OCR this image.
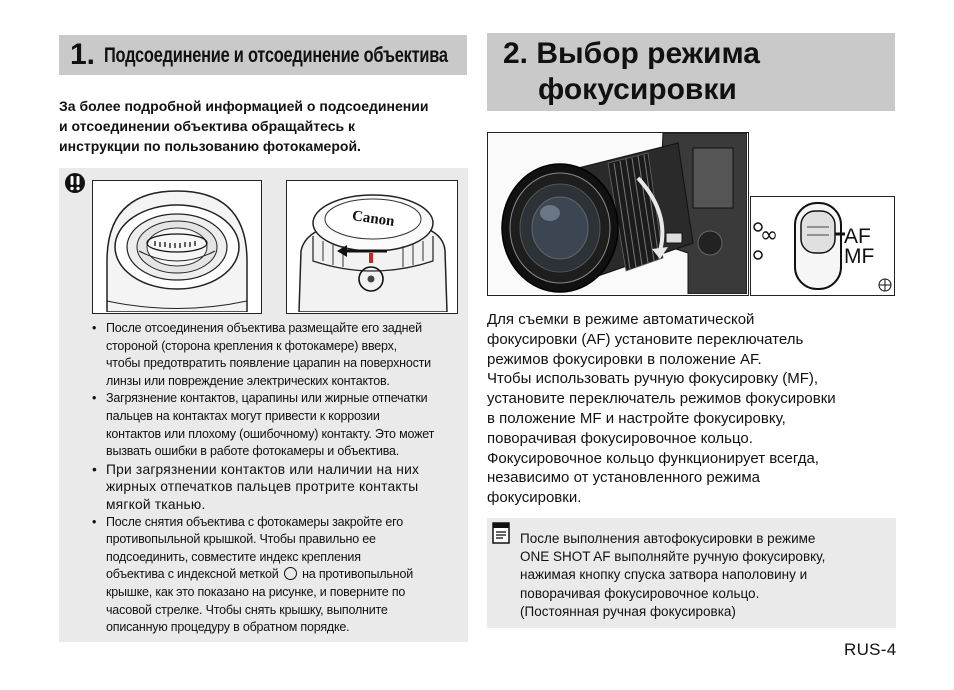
1. Подсоединение и отсоединение объектива
За более подробной информацией о подсоединении
и отсоединении объектива обращайтесь к
инструкции по пользованию фотокамерой.
Canon
• После отсоединения объектива размещайте его задней
стороной (сторона крепления к фотокамере) вверх,
чтобы предотвратить появление царапин на поверхности
линзы или повреждение электрических контактов.
• Загрязнение контактов, царапины или жирные отпечатки
пальцев на контактах могут привести к коррозии
контактов или плохому (ошибочному) контакту. Это может
вызвать ошибки в работе фотокамеры и объектива.
• При загрязнении контактов или наличии на них
жирных отпечатков пальцев протрите контакты
мягкой тканью.
• После снятия объектива с фотокамеры закройте его
противопыльной крышкой. Чтобы правильно ее
подсоединить, совместите индекс крепления
объектива с индексной меткой на противопыльной
крышке, как это показано на рисунке, и поверните по
часовой стрелке. Чтобы снять крышку, выполните
описанную процедуру в обратном порядке.
2. Выбор режима
фокусировки
∞	AF
MF
Для съемки в режиме автоматической
фокусировки (AF) установите переключатель
режимов фокусировки в положение AF.
Чтобы использовать ручную фокусировку (MF),
установите переключатель режимов фокусировки
в положение MF и настройте фокусировку,
поворачивая фокусировочное кольцо.
Фокусировочное кольцо функционирует всегда,
независимо от установленного режима
фокусировки.
После выполнения автофокусировки в режиме
ONE SHOT AF выполняйте ручную фокусировку,
нажимая кнопку спуска затвора наполовину и
поворачивая фокусировочное кольцо.
(Постоянная ручная фокусировка)
RUS-4
